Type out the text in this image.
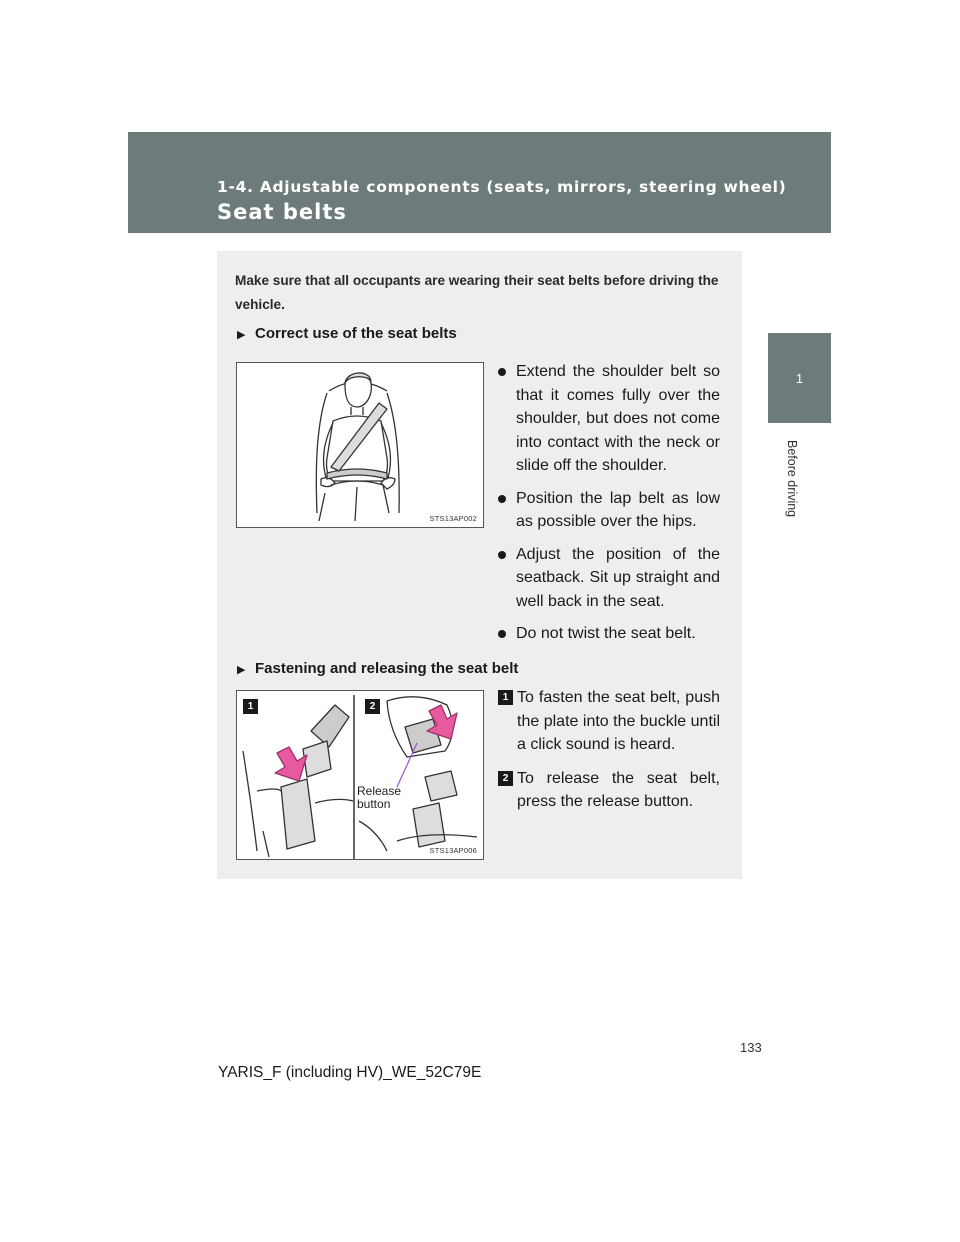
1-4. Adjustable components (seats, mirrors, steering wheel)
Seat belts
1
Before driving
Make sure that all occupants are wearing their seat belts before driving the vehicle.
▶ Correct use of the seat belts
STS13AP002
Extend the shoulder belt so that it comes fully over the shoulder, but does not come into contact with the neck or slide off the shoulder.
Position the lap belt as low as possible over the hips.
Adjust the position of the seatback. Sit up straight and well back in the seat.
Do not twist the seat belt.
▶ Fastening and releasing the seat belt
1	2
Release
button
STS13AP006
1 To fasten the seat belt, push the plate into the buckle until a click sound is heard.
2 To release the seat belt, press the release button.
133
YARIS_F (including HV)_WE_52C79E
